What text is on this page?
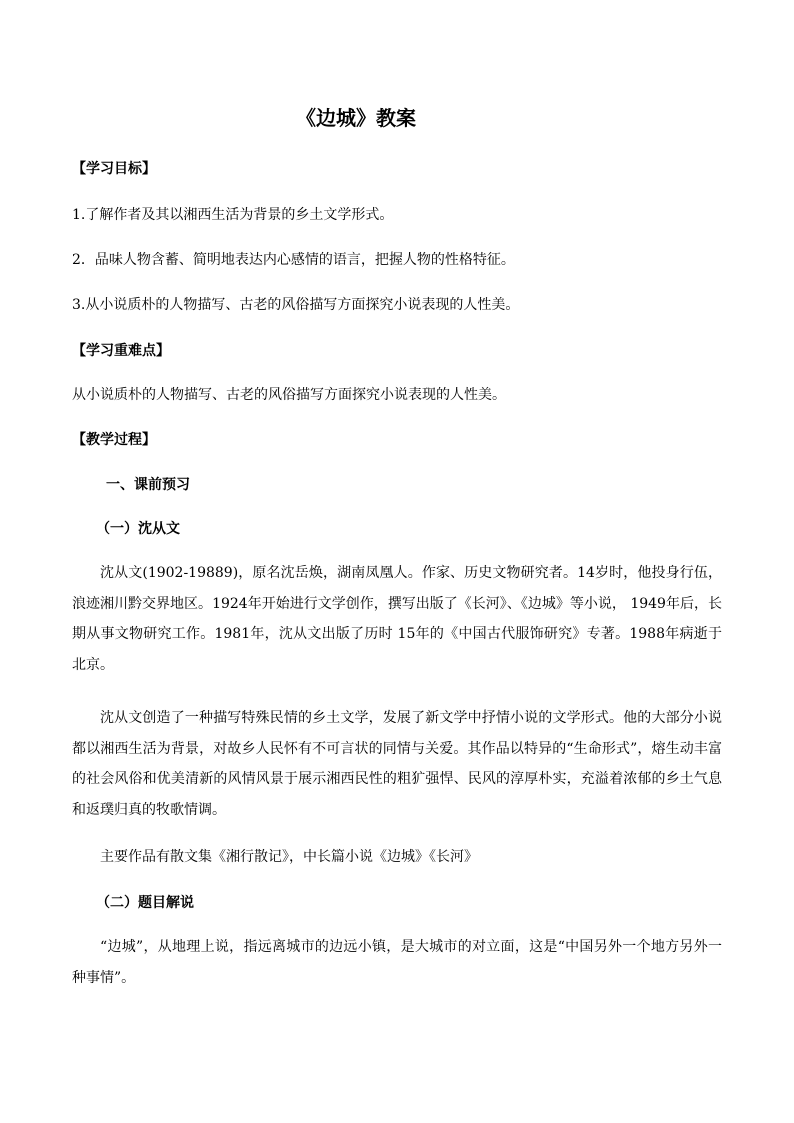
《边城》教案

【学习目标】

1.了解作者及其以湘西生活为背景的乡土文学形式。

2．品味人物含蓄、简明地表达内心感情的语言，把握人物的性格特征。

3.从小说质朴的人物描写、古老的风俗描写方面探究小说表现的人性美。

【学习重难点】

从小说质朴的人物描写、古老的风俗描写方面探究小说表现的人性美。

【教学过程】

一、课前预习

（一）沈从文

沈从文(1902-19889)，原名沈岳焕，湖南凤凰人。作家、历史文物研究者。14岁时，他投身行伍，浪迹湘川黔交界地区。1924年开始进行文学创作，撰写出版了《长河》、《边城》等小说， 1949年后，长期从事文物研究工作。1981年，沈从文出版了历时 15年的《中国古代服饰研究》专著。1988年病逝于北京。

沈从文创造了一种描写特殊民情的乡土文学，发展了新文学中抒情小说的文学形式。他的大部分小说都以湘西生活为背景，对故乡人民怀有不可言状的同情与关爱。其作品以特异的“生命形式”，熔生动丰富的社会风俗和优美清新的风情风景于展示湘西民性的粗犷强悍、民风的淳厚朴实，充溢着浓郁的乡土气息和返璞归真的牧歌情调。

主要作品有散文集《湘行散记》，中长篇小说《边城》《长河》

（二）题目解说

“边城”，从地理上说，指远离城市的边远小镇，是大城市的对立面，这是“中国另外一个地方另外一种事情”。
